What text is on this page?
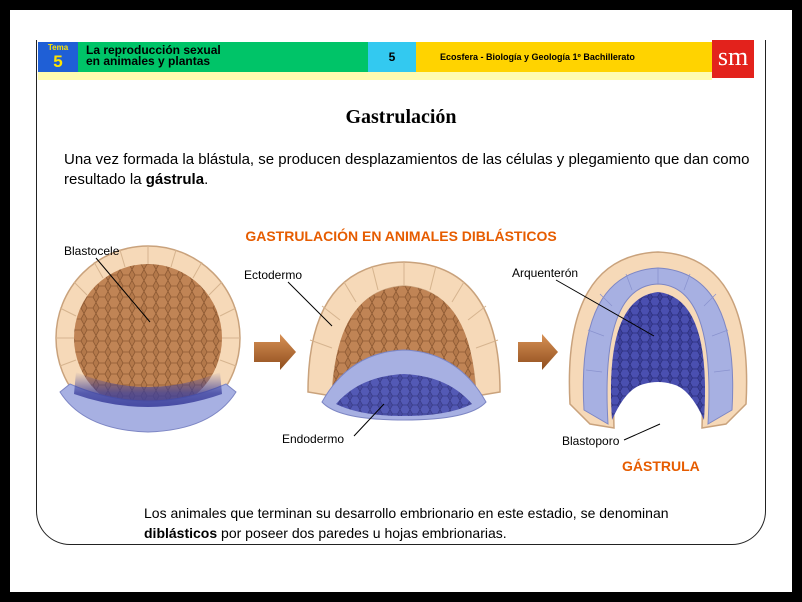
Tema
5
La reproducción sexual
en animales y plantas	5	Ecosfera - Biología y Geología 1º Bachillerato	sm
Gastrulación

Una vez formada la blástula, se producen desplazamientos de las células y plegamiento que dan como resultado la gástrula.

GASTRULACIÓN EN ANIMALES DIBLÁSTICOS

Blastocele
Ectodermo
Endodermo
Arquenterón
Blastoporo
GÁSTRULA

Los animales que terminan su desarrollo embrionario en este estadio, se denominan diblásticos por poseer dos paredes u hojas embrionarias.
